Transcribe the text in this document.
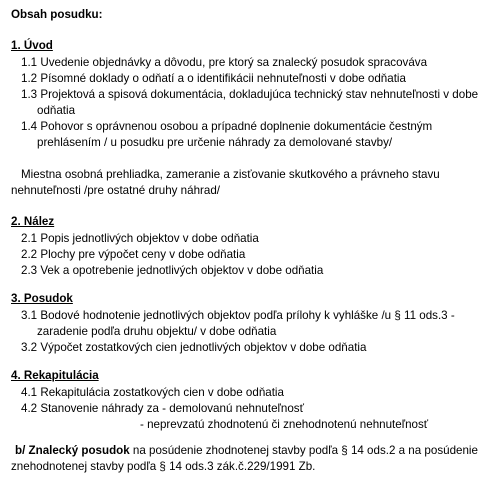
Obsah posudku:
1. Úvod
1.1 Uvedenie objednávky a dôvodu, pre ktorý sa znalecký posudok spracováva
1.2 Písomné doklady o odňatí a o identifikácii nehnuteľnosti v dobe odňatia
1.3 Projektová a spisová dokumentácia, dokladujúca technický stav nehnuteľnosti v dobe
odňatia
1.4 Pohovor s oprávnenou osobou a prípadné doplnenie dokumentácie čestným
prehlásením / u posudku pre určenie náhrady za demolované stavby/
Miestna osobná prehliadka, zameranie a zisťovanie skutkového a právneho stavu
nehnuteľnosti /pre ostatné druhy náhrad/
2. Nález
2.1 Popis jednotlivých objektov v dobe odňatia
2.2 Plochy pre výpočet ceny v dobe odňatia
2.3 Vek a opotrebenie jednotlivých objektov v dobe odňatia
3. Posudok
3.1 Bodové hodnotenie jednotlivých objektov podľa prílohy k vyhláške /u § 11 ods.3 -
zaradenie podľa druhu objektu/ v dobe odňatia
3.2 Výpočet zostatkových cien jednotlivých objektov v dobe odňatia
4. Rekapitulácia
4.1 Rekapitulácia zostatkových cien v dobe odňatia
4.2 Stanovenie náhrady za - demolovanú nehnuteľnosť
- neprevzatú zhodnotenú či znehodnotenú nehnuteľnosť
b/ Znalecký posudok na posúdenie zhodnotenej stavby podľa § 14 ods.2 a na posúdenie
znehodnotenej stavby podľa § 14 ods.3 zák.č.229/1991 Zb.
